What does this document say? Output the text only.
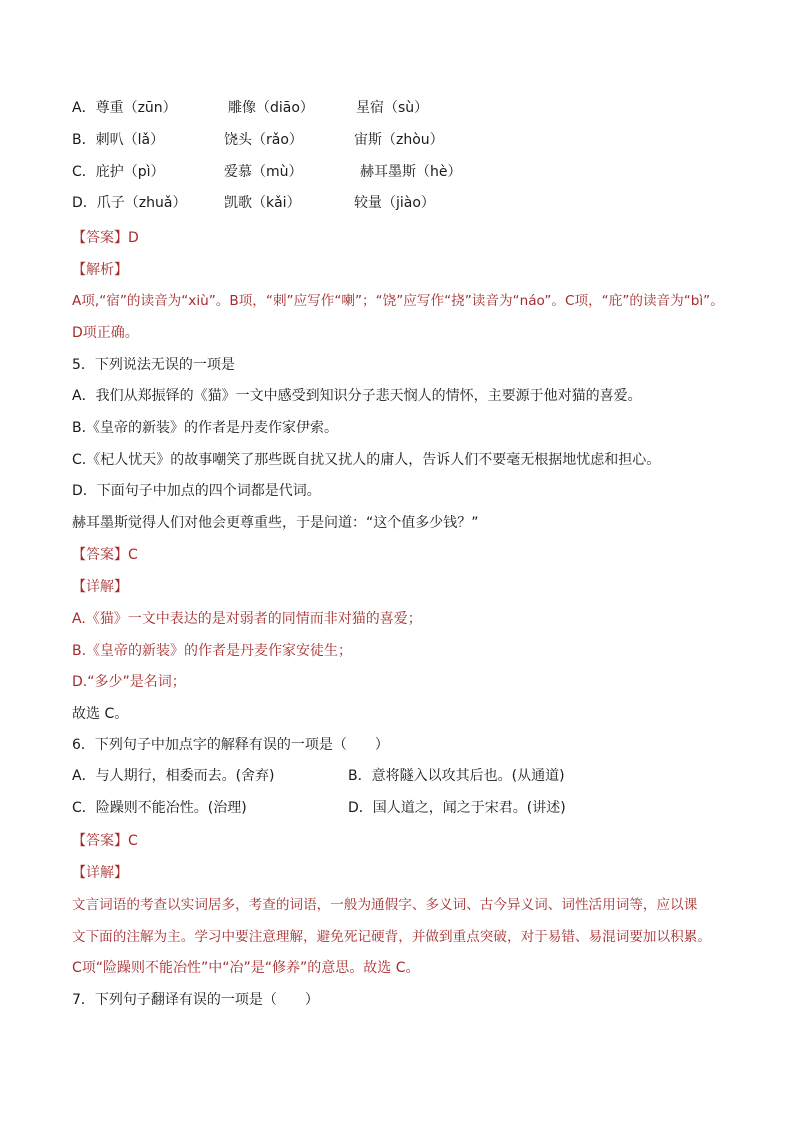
A．尊重（zūn）	雕像（diāo）	星宿（sù）
B．刺叭（lǎ）	饶头（rǎo）	宙斯（zhòu）
C．庇护（pì）	爱慕（mù）	赫耳墨斯（hè）
D．爪子（zhuǎ）	凯歌（kǎi）	较量（jiào）
【答案】D
【解析】
A项,“宿”的读音为“xiù”。B项，“刺”应写作“喇”；“饶”应写作“挠”读音为“náo”。C项，“庇”的读音为“bì”。
D项正确。
5．下列说法无误的一项是
A．我们从郑振铎的《猫》一文中感受到知识分子悲天悯人的情怀，主要源于他对猫的喜爱。
B.《皇帝的新装》的作者是丹麦作家伊索。
C.《杞人忧天》的故事嘲笑了那些既自扰又扰人的庸人，告诉人们不要毫无根据地忧虑和担心。
D．下面句子中加点的四个词都是代词。
赫耳墨斯觉得人们对他会更尊重些，于是问道：“这个值多少钱？”
【答案】C
【详解】
A.《猫》一文中表达的是对弱者的同情而非对猫的喜爱；
B.《皇帝的新装》的作者是丹麦作家安徒生；
D.“多少”是名词；
故选 C。
6．下列句子中加点字的解释有误的一项是（　　）
A．与人期行，相委而去。(舍弃)	B．意将隧入以攻其后也。(从通道)
C．险躁则不能冶性。(治理)	D．国人道之，闻之于宋君。(讲述)
【答案】C
【详解】
文言词语的考查以实词居多，考查的词语，一般为通假字、多义词、古今异义词、词性活用词等，应以课
文下面的注解为主。学习中要注意理解，避免死记硬背，并做到重点突破，对于易错、易混词要加以积累。
C项“险躁则不能冶性”中“冶”是“修养”的意思。故选 C。
7．下列句子翻译有误的一项是（　　）
